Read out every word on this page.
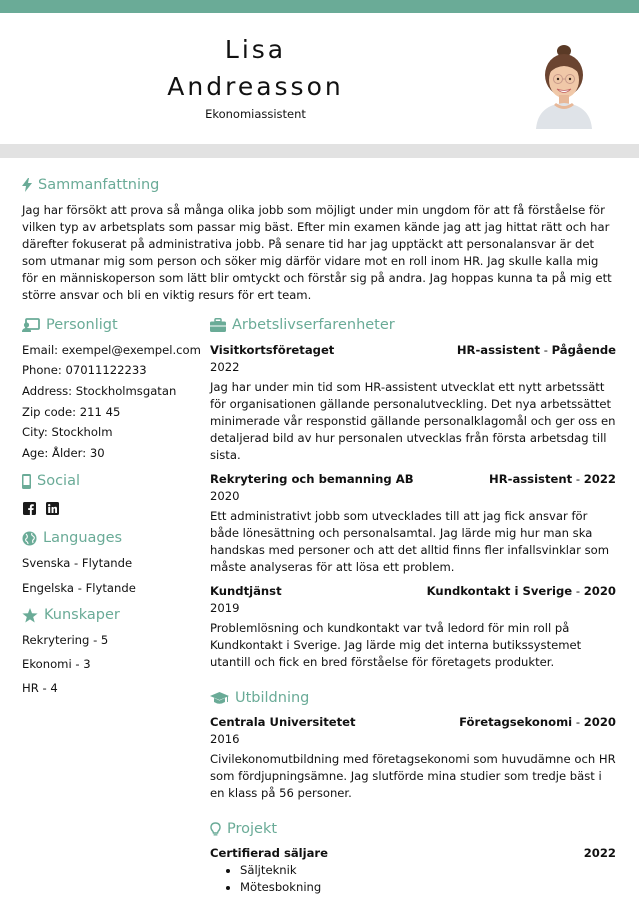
Lisa
Andreasson
Ekonomiassistent
Sammanfattning
Jag har försökt att prova så många olika jobb som möjligt under min ungdom för att få förståelse för vilken typ av arbetsplats som passar mig bäst. Efter min examen kände jag att jag hittat rätt och har därefter fokuserat på administrativa jobb. På senare tid har jag upptäckt att personalansvar är det som utmanar mig som person och söker mig därför vidare mot en roll inom HR. Jag skulle kalla mig för en människoperson som lätt blir omtyckt och förstår sig på andra. Jag hoppas kunna ta på mig ett större ansvar och bli en viktig resurs för ert team.
Personligt
Email: exempel@exempel.com
Phone: 07011122233
Address: Stockholmsgatan
Zip code: 211 45
City: Stockholm
Age: Ålder: 30
Social
Languages
Svenska - Flytande
Engelska - Flytande
Kunskaper
Rekrytering - 5
Ekonomi - 3
HR - 4
Arbetslivserfarenheter
Visitkortsföretaget	HR-assistent - Pågående
2022
Jag har under min tid som HR-assistent utvecklat ett nytt arbetssätt för organisationen gällande personalutveckling. Det nya arbetssättet minimerade vår responstid gällande personalklagomål och ger oss en detaljerad bild av hur personalen utvecklas från första arbetsdag till sista.
Rekrytering och bemanning AB	HR-assistent - 2022
2020
Ett administrativt jobb som utvecklades till att jag fick ansvar för både lönesättning och personalsamtal. Jag lärde mig hur man ska handskas med personer och att det alltid finns fler infallsvinklar som måste analyseras för att lösa ett problem.
Kundtjänst	Kundkontakt i Sverige - 2020
2019
Problemlösning och kundkontakt var två ledord för min roll på Kundkontakt i Sverige. Jag lärde mig det interna butikssystemet utantill och fick en bred förståelse för företagets produkter.
Utbildning
Centrala Universitetet	Företagsekonomi - 2020
2016
Civilekonomutbildning med företagsekonomi som huvudämne och HR som fördjupningsämne. Jag slutförde mina studier som tredje bäst i en klass på 56 personer.
Projekt
Certifierad säljare	2022
• Säljteknik
• Mötesbokning
